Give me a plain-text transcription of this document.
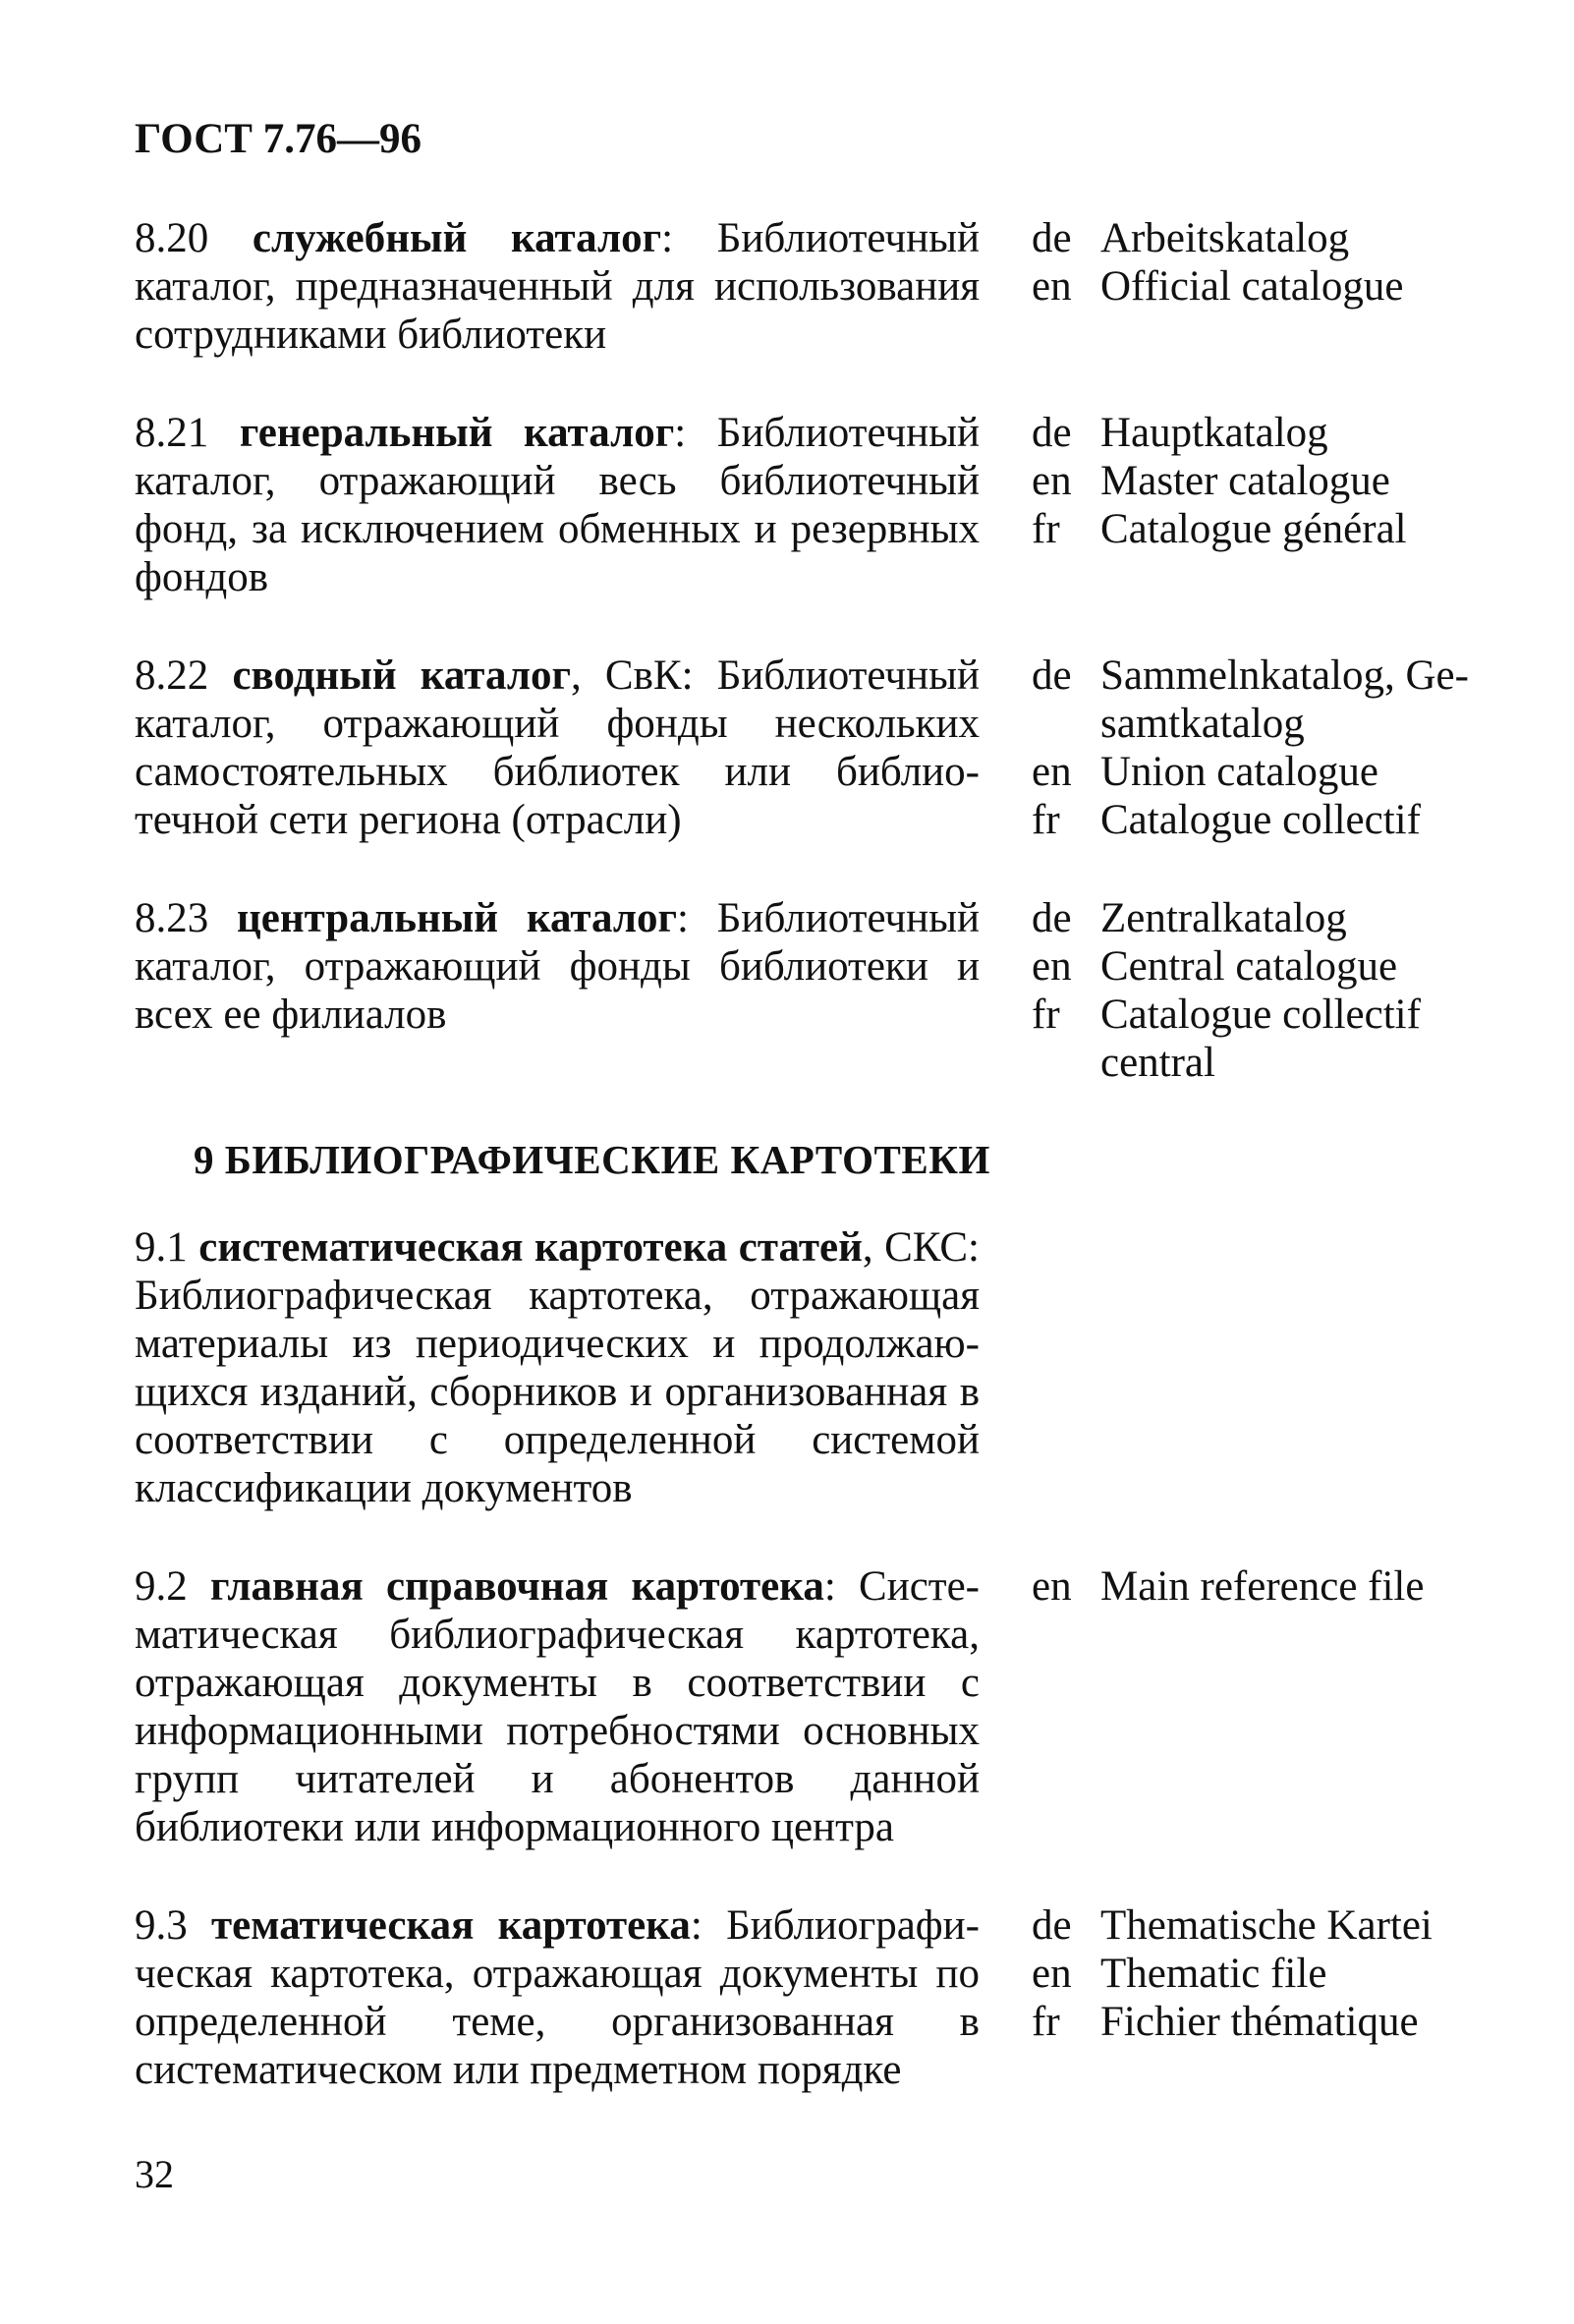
ГОСТ 7.76—96
8.20 служебный каталог: Библиотечный каталог, предназначенный для использования сотрудниками библиотеки
de Arbeitskatalog
en Official catalogue
8.21 генеральный каталог: Библиотечный каталог, отражающий весь библиотечный фонд, за исключением обменных и резервных фондов
de Hauptkatalog
en Master catalogue
fr Catalogue général
8.22 сводный каталог, СвК: Библиотечный каталог, отражающий фонды нескольких самостоятельных библиотек или библиотечной сети региона (отрасли)
de Sammelnkatalog, Gesamtkatalog
en Union catalogue
fr Catalogue collectif
8.23 центральный каталог: Библиотечный каталог, отражающий фонды библиотеки и всех ее филиалов
de Zentralkatalog
en Central catalogue
fr Catalogue collectif central
9 БИБЛИОГРАФИЧЕСКИЕ КАРТОТЕКИ
9.1 систематическая картотека статей, СКС: Библиографическая картотека, отражающая материалы из периодических и продолжающихся изданий, сборников и организованная в соответствии с определенной системой классификации документов
9.2 главная справочная картотека: Систематическая библиографическая картотека, отражающая документы в соответствии с информационными потребностями основных групп читателей и абонентов данной библиотеки или информационного центра
en Main reference file
9.3 тематическая картотека: Библиографическая картотека, отражающая документы по определенной теме, организованная в систематическом или предметном порядке
de Thematische Kartei
en Thematic file
fr Fichier thématique
32
